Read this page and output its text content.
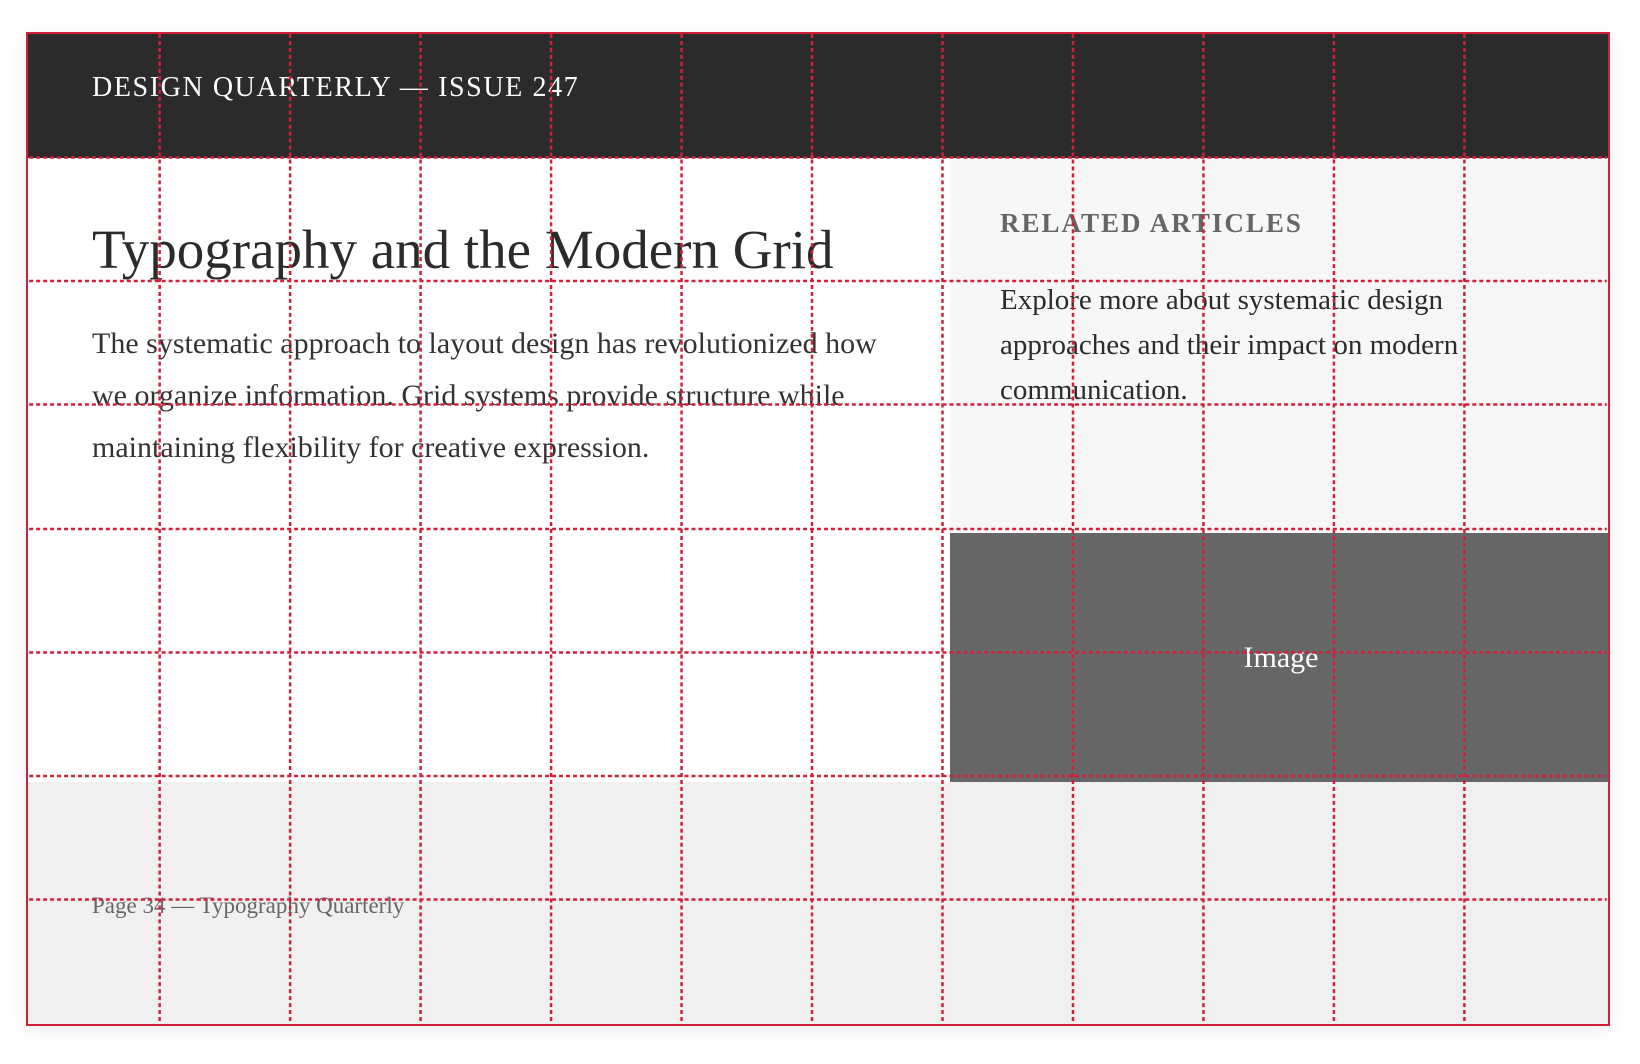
DESIGN QUARTERLY — ISSUE 247
Typography and the Modern Grid

The systematic approach to layout design has revolutionized how we organize information. Grid systems provide structure while maintaining flexibility for creative expression.

RELATED ARTICLES

Explore more about systematic design approaches and their impact on modern communication.

Image
Page 34 — Typography Quarterly
